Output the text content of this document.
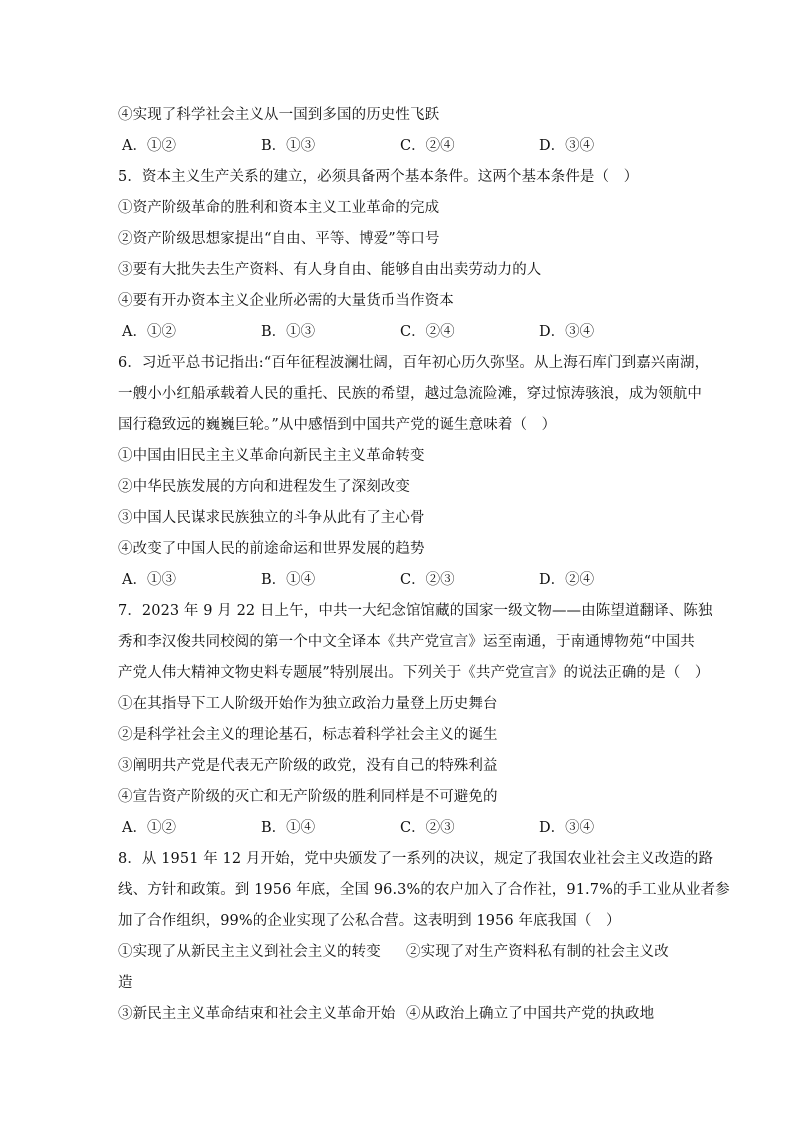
④实现了科学社会主义从一国到多国的历史性飞跃
A．①②	B．①③	C．②④	D．③④
5．资本主义生产关系的建立，必须具备两个基本条件。这两个基本条件是（　）
①资产阶级革命的胜利和资本主义工业革命的完成
②资产阶级思想家提出“自由、平等、博爱”等口号
③要有大批失去生产资料、有人身自由、能够自由出卖劳动力的人
④要有开办资本主义企业所必需的大量货币当作资本
A．①②	B．①③	C．②④	D．③④
6．习近平总书记指出:“百年征程波澜壮阔，百年初心历久弥坚。从上海石库门到嘉兴南湖，
一艘小小红船承载着人民的重托、民族的希望，越过急流险滩，穿过惊涛骇浪，成为领航中
国行稳致远的巍巍巨轮。”从中感悟到中国共产党的诞生意味着（　）
①中国由旧民主主义革命向新民主主义革命转变
②中华民族发展的方向和进程发生了深刻改变
③中国人民谋求民族独立的斗争从此有了主心骨
④改变了中国人民的前途命运和世界发展的趋势
A．①③	B．①④	C．②③	D．②④
7．2023 年 9 月 22 日上午，中共一大纪念馆馆藏的国家一级文物——由陈望道翻译、陈独
秀和李汉俊共同校阅的第一个中文全译本《共产党宣言》运至南通，于南通博物苑“中国共
产党人伟大精神文物史料专题展”特别展出。下列关于《共产党宣言》的说法正确的是（　）
①在其指导下工人阶级开始作为独立政治力量登上历史舞台
②是科学社会主义的理论基石，标志着科学社会主义的诞生
③阐明共产党是代表无产阶级的政党，没有自己的特殊利益
④宣告资产阶级的灭亡和无产阶级的胜利同样是不可避免的
A．①②	B．①④	C．②③	D．③④
8．从 1951 年 12 月开始，党中央颁发了一系列的决议，规定了我国农业社会主义改造的路
线、方针和政策。到 1956 年底，全国 96.3%的农户加入了合作社，91.7%的手工业从业者参
加了合作组织，99%的企业实现了公私合营。这表明到 1956 年底我国（　）
①实现了从新民主主义到社会主义的转变	②实现了对生产资料私有制的社会主义改
造
③新民主主义革命结束和社会主义革命开始 ④从政治上确立了中国共产党的执政地
